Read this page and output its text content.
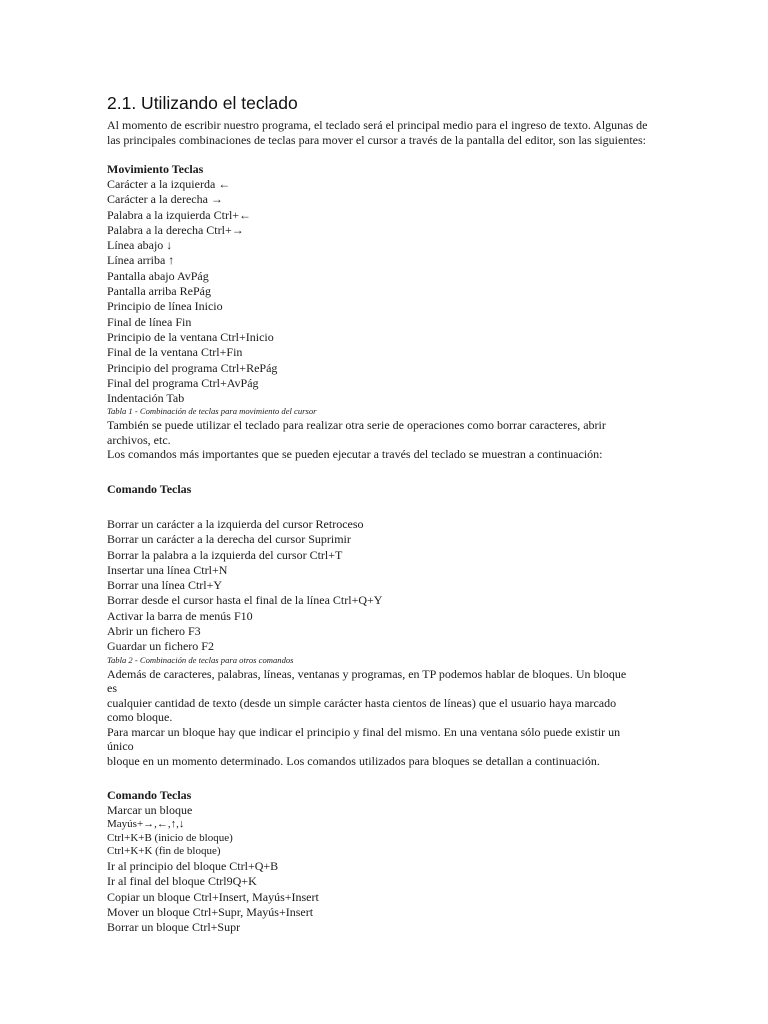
2.1. Utilizando el teclado

Al momento de escribir nuestro programa, el teclado será el principal medio para el ingreso de texto. Algunas de las principales combinaciones de teclas para mover el cursor a través de la pantalla del editor, son las siguientes:

Movimiento Teclas

Carácter a la izquierda ←
Carácter a la derecha →
Palabra a la izquierda Ctrl+←
Palabra a la derecha Ctrl+→
Línea abajo ↓
Línea arriba ↑
Pantalla abajo AvPág
Pantalla arriba RePág
Principio de línea Inicio
Final de línea Fin
Principio de la ventana Ctrl+Inicio
Final de la ventana Ctrl+Fin
Principio del programa Ctrl+RePág
Final del programa Ctrl+AvPág
Indentación Tab

Tabla 1 - Combinación de teclas para movimiento del cursor

También se puede utilizar el teclado para realizar otra serie de operaciones como borrar caracteres, abrir

archivos, etc.

Los comandos más importantes que se pueden ejecutar a través del teclado se muestran a continuación:

Comando Teclas

Borrar un carácter a la izquierda del cursor Retroceso
Borrar un carácter a la derecha del cursor Suprimir
Borrar la palabra a la izquierda del cursor Ctrl+T
Insertar una línea Ctrl+N
Borrar una línea Ctrl+Y
Borrar desde el cursor hasta el final de la línea Ctrl+Q+Y
Activar la barra de menús F10
Abrir un fichero F3
Guardar un fichero F2

Tabla 2 - Combinación de teclas para otros comandos

Además de caracteres, palabras, líneas, ventanas y programas, en TP podemos hablar de bloques. Un bloque

es

cualquier cantidad de texto (desde un simple carácter hasta cientos de líneas) que el usuario haya marcado

como bloque.

Para marcar un bloque hay que indicar el principio y final del mismo. En una ventana sólo puede existir un

único

bloque en un momento determinado. Los comandos utilizados para bloques se detallan a continuación.

Comando Teclas

Marcar un bloque
Mayús+→,←,↑,↓
Ctrl+K+B (inicio de bloque)
Ctrl+K+K (fin de bloque)
Ir al principio del bloque Ctrl+Q+B
Ir al final del bloque Ctrl9Q+K
Copiar un bloque Ctrl+Insert, Mayús+Insert
Mover un bloque Ctrl+Supr, Mayús+Insert
Borrar un bloque Ctrl+Supr
